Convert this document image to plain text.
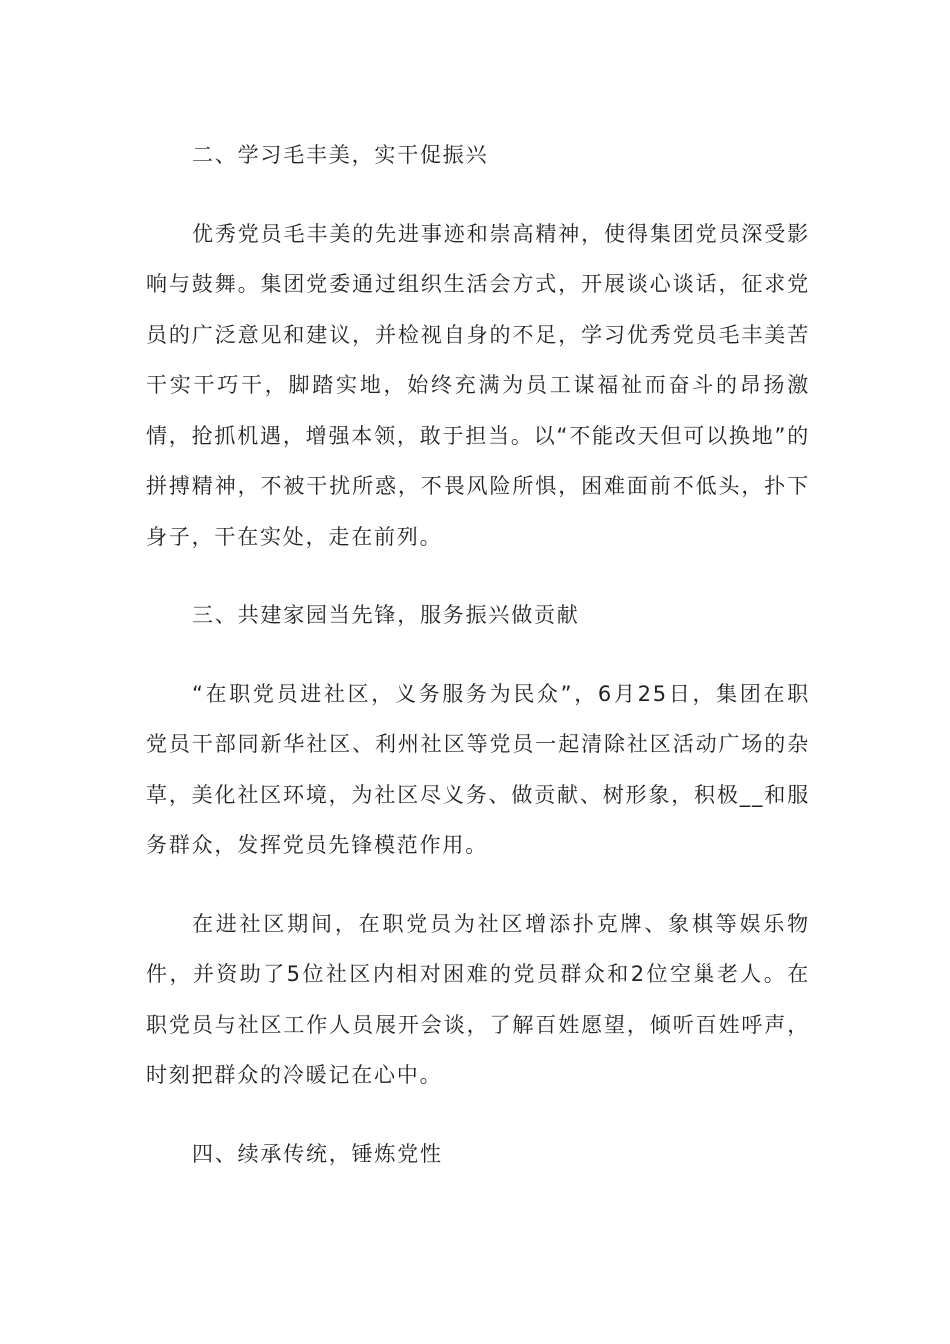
二、学习毛丰美，实干促振兴

优秀党员毛丰美的先进事迹和崇高精神，使得集团党员深受影响与鼓舞。集团党委通过组织生活会方式，开展谈心谈话，征求党员的广泛意见和建议，并检视自身的不足，学习优秀党员毛丰美苦干实干巧干，脚踏实地，始终充满为员工谋福祉而奋斗的昂扬激情，抢抓机遇，增强本领，敢于担当。以“不能改天但可以换地”的拼搏精神，不被干扰所惑，不畏风险所惧，困难面前不低头，扑下身子，干在实处，走在前列。

三、共建家园当先锋，服务振兴做贡献

“在职党员进社区，义务服务为民众”，6月25日，集团在职党员干部同新华社区、利州社区等党员一起清除社区活动广场的杂草，美化社区环境，为社区尽义务、做贡献、树形象，积极__和服务群众，发挥党员先锋模范作用。

在进社区期间，在职党员为社区增添扑克牌、象棋等娱乐物件，并资助了5位社区内相对困难的党员群众和2位空巢老人。在职党员与社区工作人员展开会谈，了解百姓愿望，倾听百姓呼声，时刻把群众的冷暖记在心中。

四、续承传统，锤炼党性
